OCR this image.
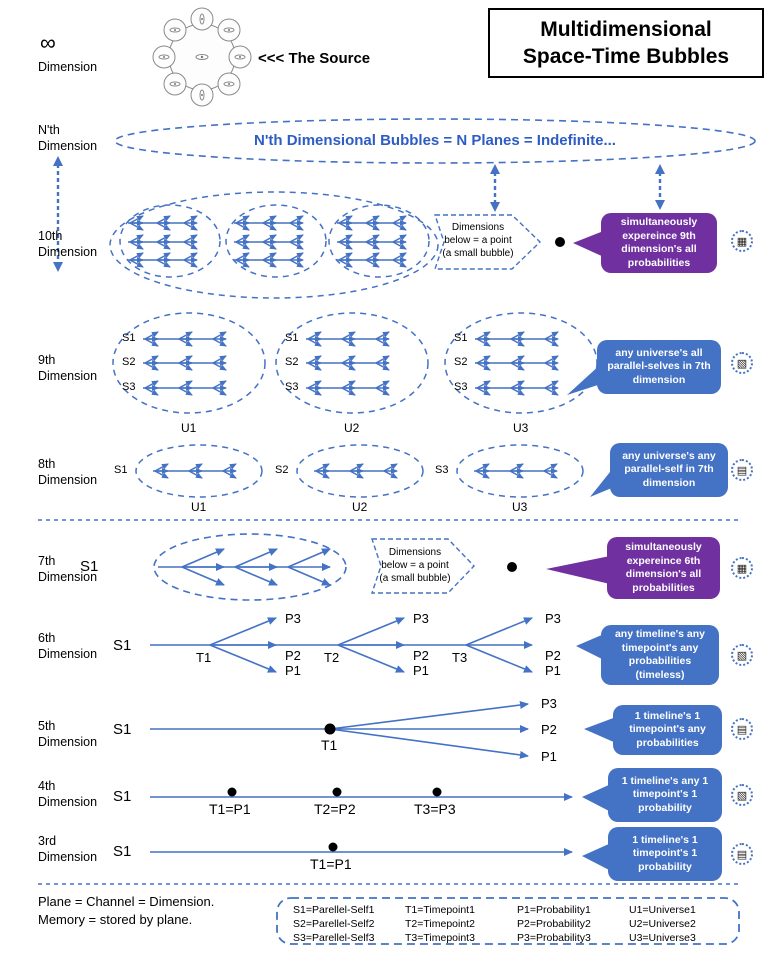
∞
Dimension	<<< The Source
Multidimensional
Space-Time Bubbles
N'th
Dimension	N'th Dimensional Bubbles = N Planes = Indefinite...
10th
Dimension
Dimensions below = a point (a small bubble)
simultaneously expereince 9th dimension's all probabilities
▦
9th
Dimension
S1
S2
S3
S1
S2
S3
S1
S2
S3
U1	U2	U3
any universe's all parallel-selves in 7th dimension
▧
8th
Dimension
S1	S2	S3
U1	U2	U3
any universe's any parallel-self in 7th dimension
▤
7th
Dimension
S1
Dimensions below = a point (a small bubble)
simultaneously expereince 6th dimension's all probabilities
▦
6th
Dimension S1
T1	T2	T3
P3
P2
P1
P3
P2
P1
P3
P2
P1
any timeline's any timepoint's any probabilities (timeless)
▧
5th
Dimension
S1
T1
P3
P2
P1
1 timeline's 1 timepoint's any probabilities
▤
4th
Dimension S1
T1=P1	T2=P2	T3=P3
1 timeline's any 1 timepoint's 1 probability
▧
3rd
Dimension S1
T1=P1
1 timeline's 1 timepoint's 1 probability
▤
Plane = Channel = Dimension.
Memory = stored by plane.
S1=Parellel-Self1
S2=Parellel-Self2
S3=Parellel-Self3
T1=Timepoint1
T2=Timepoint2
T3=Timepoint3
P1=Probability1
P2=Probability2
P3=Probability3
U1=Universe1
U2=Universe2
U3=Universe3
